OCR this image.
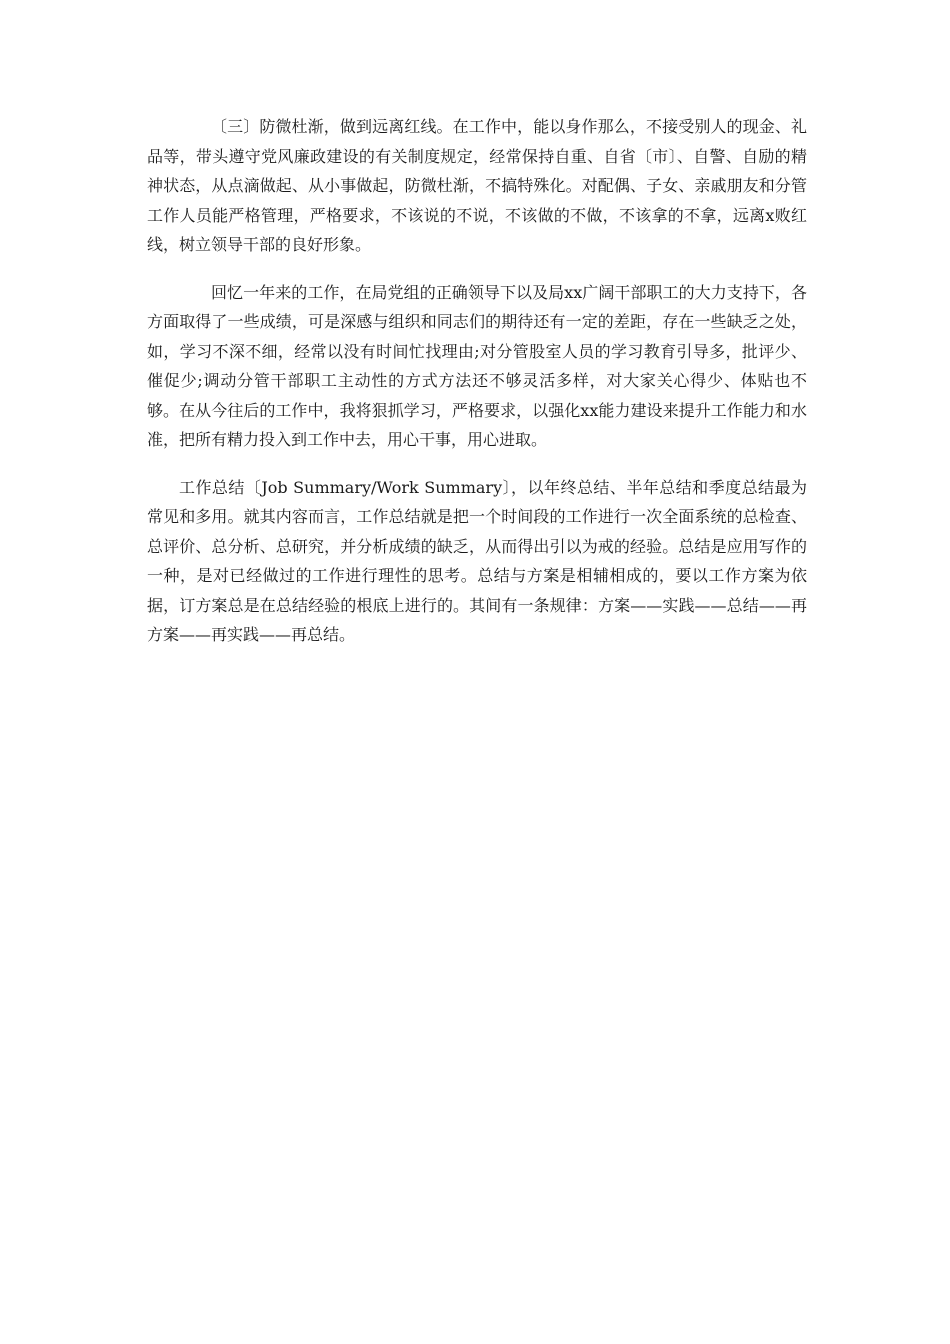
〔三〕防微杜渐，做到远离红线。在工作中，能以身作那么，不接受别人的现金、礼品等，带头遵守党风廉政建设的有关制度规定，经常保持自重、自省〔市〕、自警、自励的精神状态，从点滴做起、从小事做起，防微杜渐，不搞特殊化。对配偶、子女、亲戚朋友和分管工作人员能严格管理，严格要求，不该说的不说，不该做的不做，不该拿的不拿，远离x败红线，树立领导干部的良好形象。

回忆一年来的工作，在局党组的正确领导下以及局xx广阔干部职工的大力支持下，各方面取得了一些成绩，可是深感与组织和同志们的期待还有一定的差距，存在一些缺乏之处，如，学习不深不细，经常以没有时间忙找理由;对分管股室人员的学习教育引导多，批评少、催促少;调动分管干部职工主动性的方式方法还不够灵活多样，对大家关心得少、体贴也不够。在从今往后的工作中，我将狠抓学习，严格要求，以强化xx能力建设来提升工作能力和水准，把所有精力投入到工作中去，用心干事，用心进取。

工作总结〔Job Summary/Work Summary〕，以年终总结、半年总结和季度总结最为常见和多用。就其内容而言，工作总结就是把一个时间段的工作进行一次全面系统的总检查、总评价、总分析、总研究，并分析成绩的缺乏，从而得出引以为戒的经验。总结是应用写作的一种，是对已经做过的工作进行理性的思考。总结与方案是相辅相成的，要以工作方案为依据，订方案总是在总结经验的根底上进行的。其间有一条规律：方案——实践——总结——再方案——再实践——再总结。
